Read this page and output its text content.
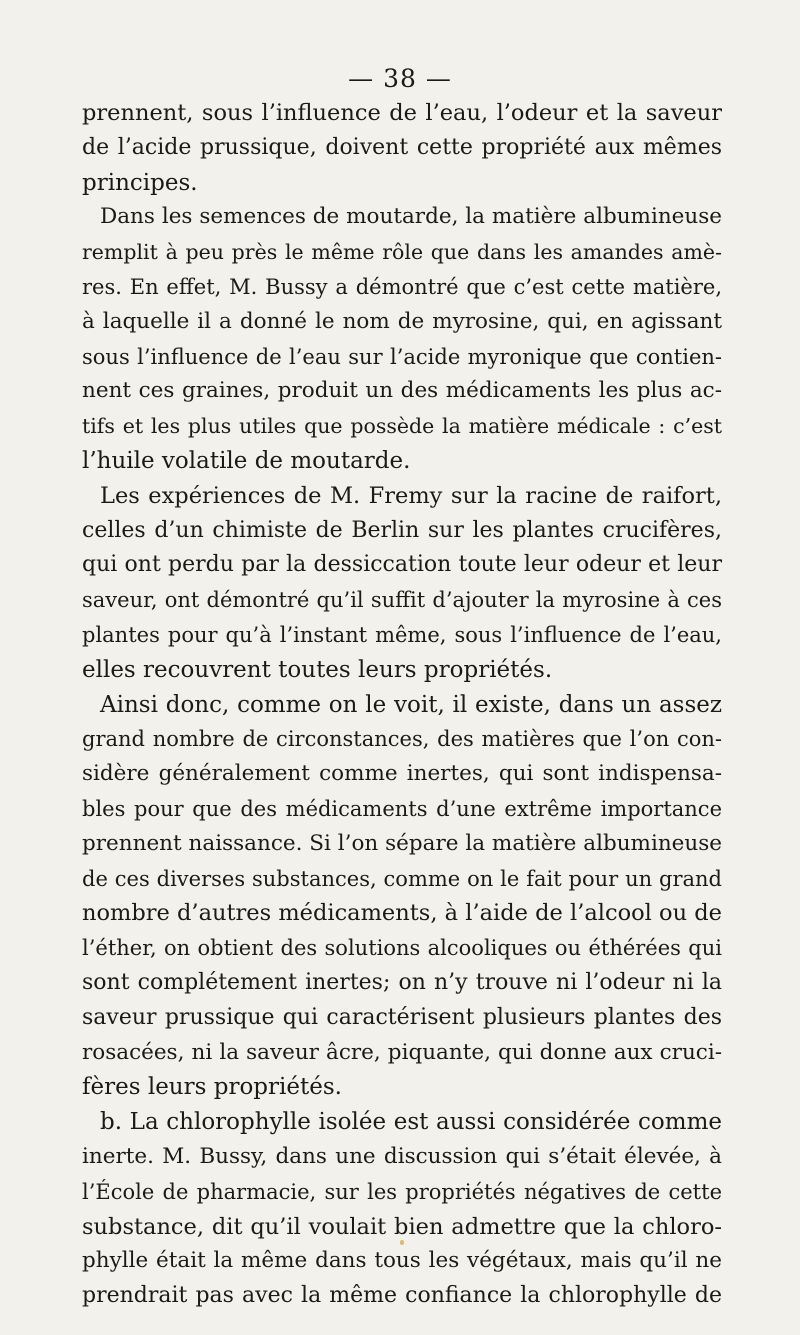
— 38 —
prennent, sous l’influence de l’eau, l’odeur et la saveur
de l’acide prussique, doivent cette propriété aux mêmes
principes.
Dans les semences de moutarde, la matière albumineuse
remplit à peu près le même rôle que dans les amandes amè-
res. En effet, M. Bussy a démontré que c’est cette matière,
à laquelle il a donné le nom de myrosine, qui, en agissant
sous l’influence de l’eau sur l’acide myronique que contien-
nent ces graines, produit un des médicaments les plus ac-
tifs et les plus utiles que possède la matière médicale : c’est
l’huile volatile de moutarde.
Les expériences de M. Fremy sur la racine de raifort,
celles d’un chimiste de Berlin sur les plantes crucifères,
qui ont perdu par la dessiccation toute leur odeur et leur
saveur, ont démontré qu’il suffit d’ajouter la myrosine à ces
plantes pour qu’à l’instant même, sous l’influence de l’eau,
elles recouvrent toutes leurs propriétés.
Ainsi donc, comme on le voit, il existe, dans un assez
grand nombre de circonstances, des matières que l’on con-
sidère généralement comme inertes, qui sont indispensa-
bles pour que des médicaments d’une extrême importance
prennent naissance. Si l’on sépare la matière albumineuse
de ces diverses substances, comme on le fait pour un grand
nombre d’autres médicaments, à l’aide de l’alcool ou de
l’éther, on obtient des solutions alcooliques ou éthérées qui
sont complétement inertes; on n’y trouve ni l’odeur ni la
saveur prussique qui caractérisent plusieurs plantes des
rosacées, ni la saveur âcre, piquante, qui donne aux cruci-
fères leurs propriétés.
b. La chlorophylle isolée est aussi considérée comme
inerte. M. Bussy, dans une discussion qui s’était élevée, à
l’École de pharmacie, sur les propriétés négatives de cette
substance, dit qu’il voulait bien admettre que la chloro-
phylle était la même dans tous les végétaux, mais qu’il ne
prendrait pas avec la même confiance la chlorophylle de
